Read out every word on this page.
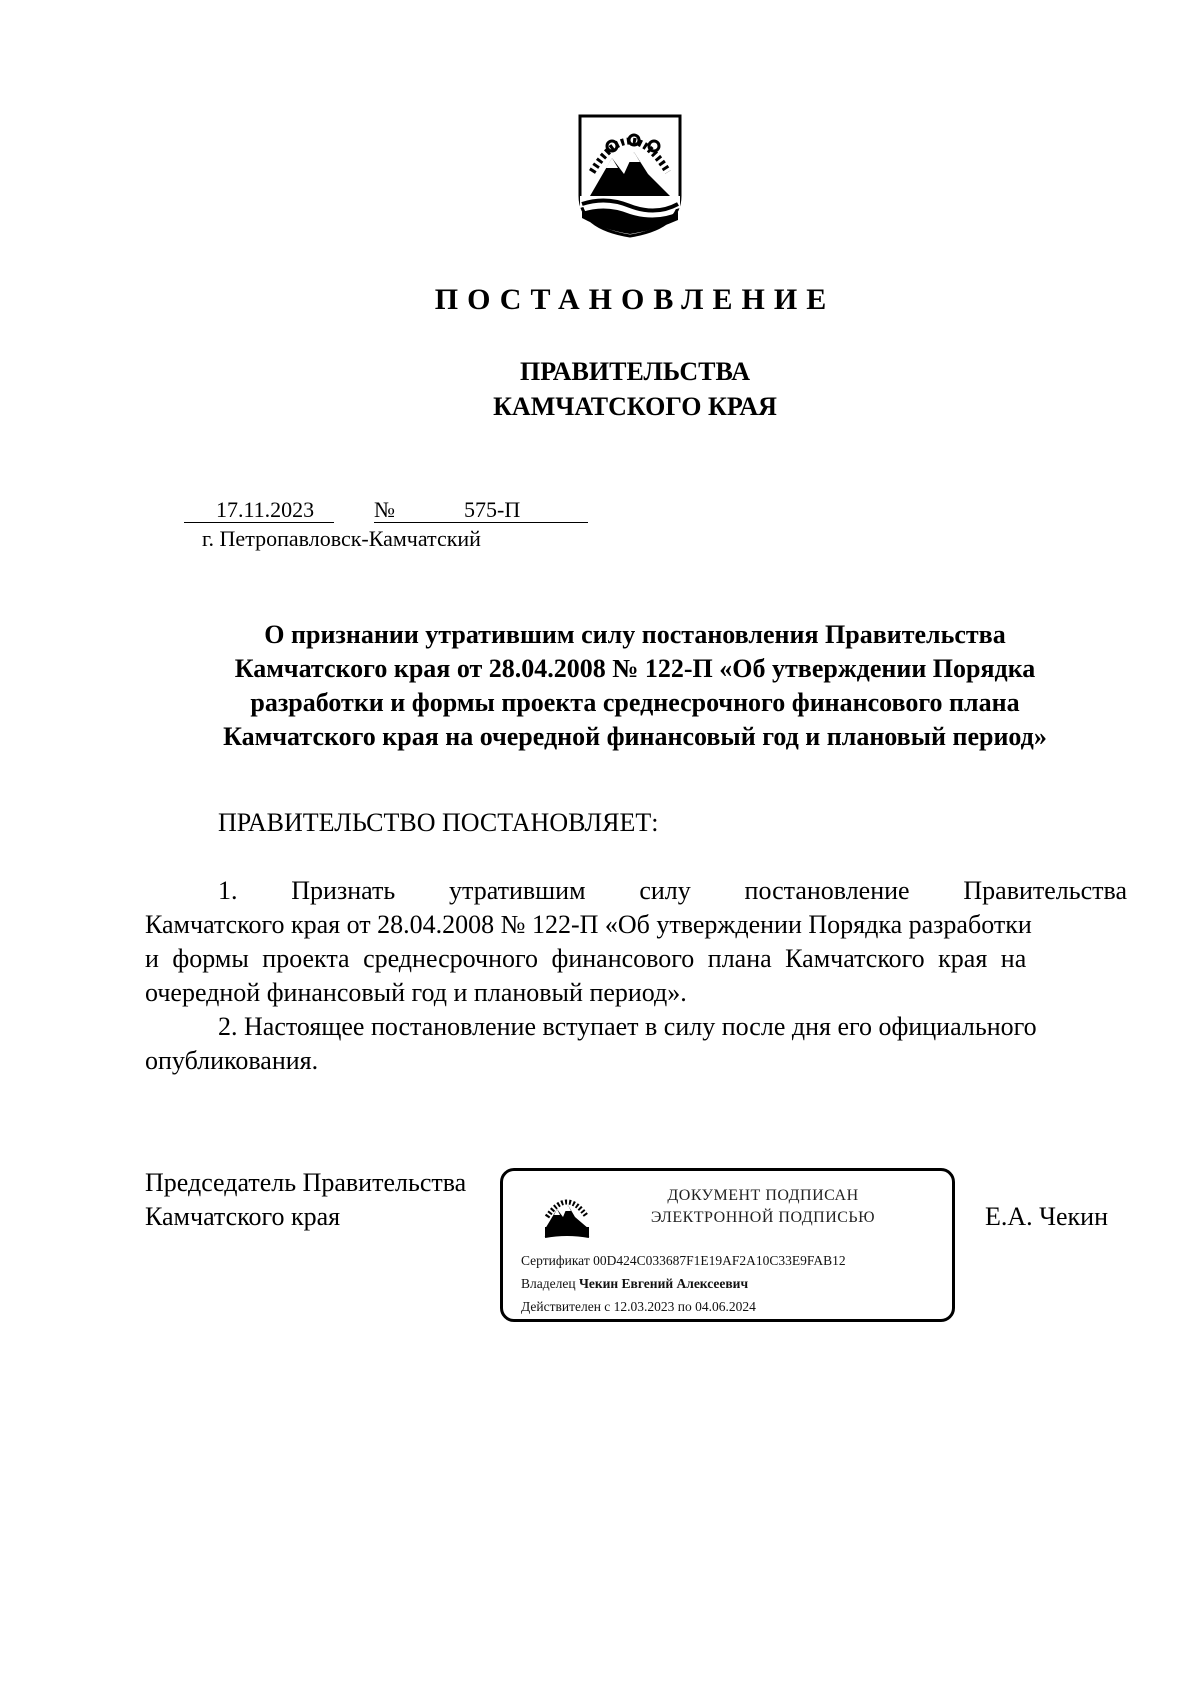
ПОСТАНОВЛЕНИЕ
ПРАВИТЕЛЬСТВА
КАМЧАТСКОГО КРАЯ
17.11.2023	№	575-П
г. Петропавловск-Камчатский
О признании утратившим силу постановления Правительства
Камчатского края от 28.04.2008 № 122-П «Об утверждении Порядка
разработки и формы проекта среднесрочного финансового плана
Камчатского края на очередной финансовый год и плановый период»
ПРАВИТЕЛЬСТВО ПОСТАНОВЛЯЕТ:
1. Признать утратившим силу постановление Правительства
Камчатского края от 28.04.2008 № 122-П «Об утверждении Порядка разработки
и формы проекта среднесрочного финансового плана Камчатского края на
очередной финансовый год и плановый период».
2. Настоящее постановление вступает в силу после дня его официального
опубликования.
Председатель Правительства
Камчатского края	Е.А. Чекин
ДОКУМЕНТ ПОДПИСАН
ЭЛЕКТРОННОЙ ПОДПИСЬЮ
Сертификат 00D424C033687F1E19AF2A10C33E9FAB12
Владелец Чекин Евгений Алексеевич
Действителен с 12.03.2023 по 04.06.2024
